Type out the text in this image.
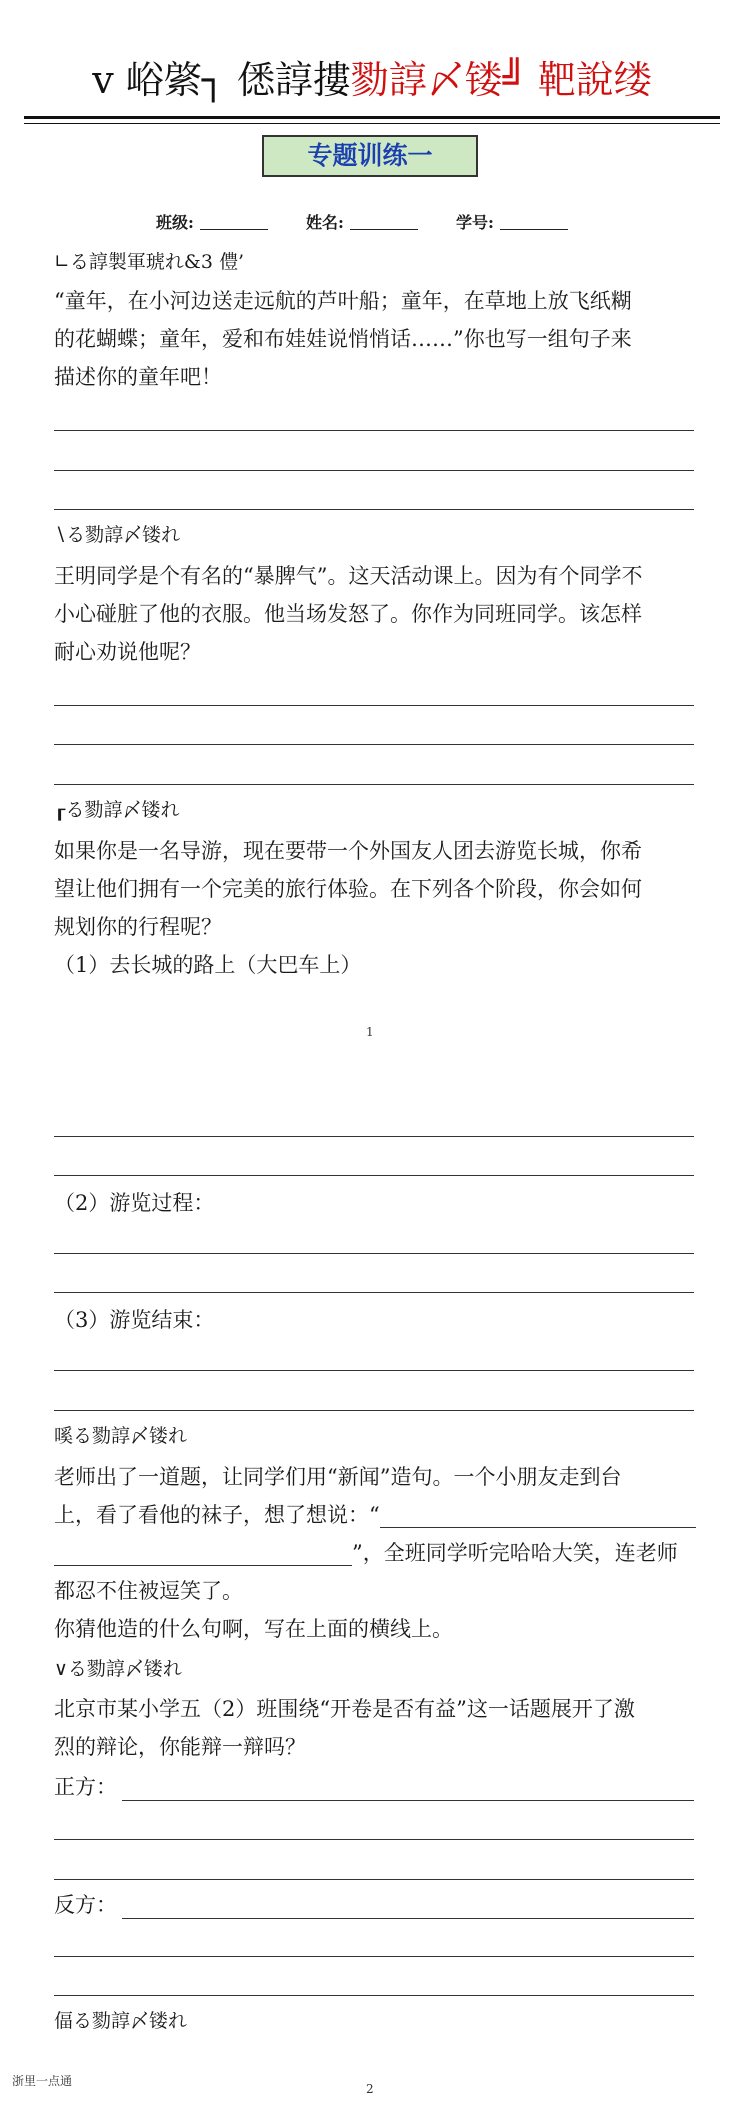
v 峪綮┐ 僁諄摟勠諄〆镂╝ 靶說缕
专题训练一
班级:	姓名:	学号:
∟る諄製軍琥れ&3 僼’
“童年，在小河边送走远航的芦叶船；童年，在草地上放飞纸糊
的花蝴蝶；童年，爱和布娃娃说悄悄话……”你也写一组句子来
描述你的童年吧！
∖る勠諄〆镂れ
王明同学是个有名的“暴脾气”。这天活动课上。因为有个同学不
小心碰脏了他的衣服。他当场发怒了。你作为同班同学。该怎样
耐心劝说他呢？
┎る勠諄〆镂れ
如果你是一名导游，现在要带一个外国友人团去游览长城，你希
望让他们拥有一个完美的旅行体验。在下列各个阶段，你会如何
规划你的行程呢？
（1）去长城的路上（大巴车上）
1
（2）游览过程：
（3）游览结束：
嗘る勠諄〆镂れ
老师出了一道题，让同学们用“新闻”造句。一个小朋友走到台
上，看了看他的袜子，想了想说：“
”，全班同学听完哈哈大笑，连老师
都忍不住被逗笑了。
你猜他造的什么句啊，写在上面的横线上。
∨る勠諄〆镂れ
北京市某小学五（2）班围绕“开卷是否有益”这一话题展开了激
烈的辩论，你能辩一辩吗？
正方：
反方：
偪る勠諄〆镂れ
浙里一点通
2
